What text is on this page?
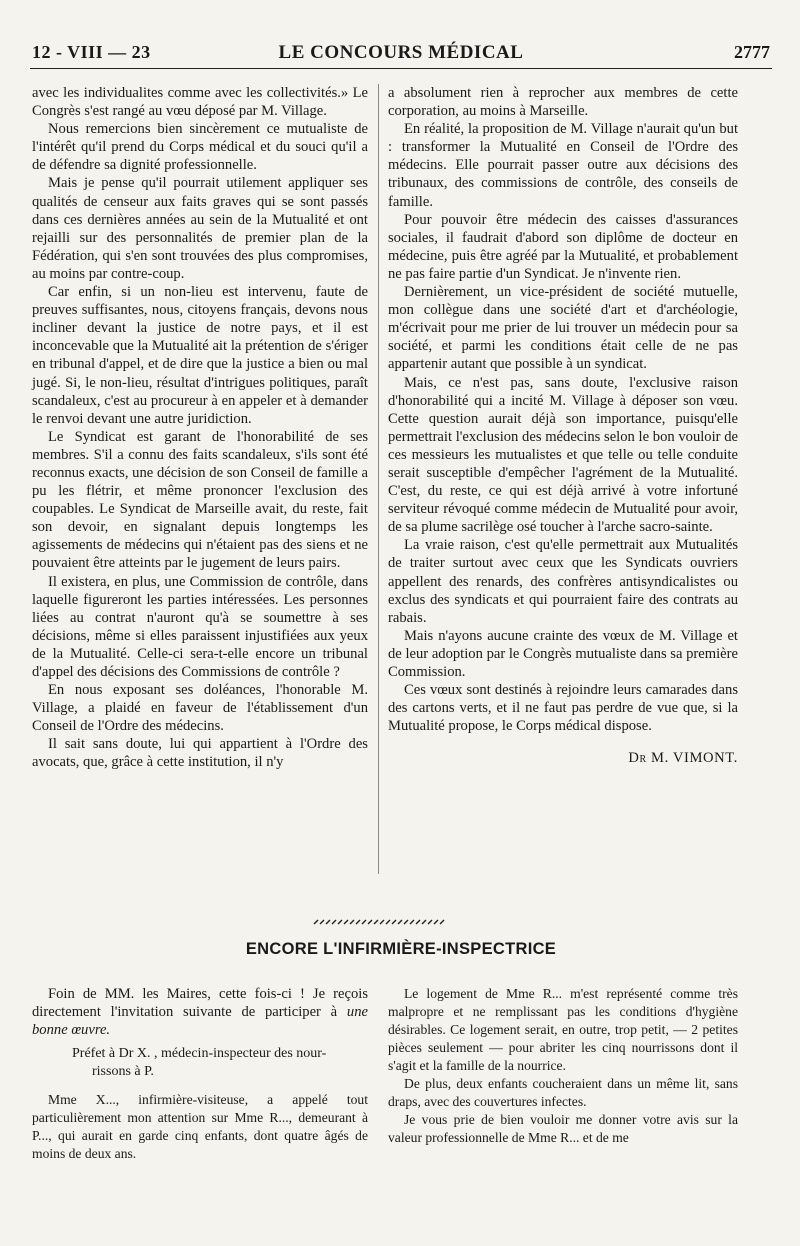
12 - VIII — 23	LE CONCOURS MÉDICAL	2777

avec les individualites comme avec les collectivités.» Le Congrès s'est rangé au vœu déposé par M. Village.

Nous remercions bien sincèrement ce mutualiste de l'intérêt qu'il prend du Corps médical et du souci qu'il a de défendre sa dignité professionnelle.

Mais je pense qu'il pourrait utilement appliquer ses qualités de censeur aux faits graves qui se sont passés dans ces dernières années au sein de la Mutualité et ont rejailli sur des personnalités de premier plan de la Fédération, qui s'en sont trouvées des plus compromises, au moins par contre-coup.

Car enfin, si un non-lieu est intervenu, faute de preuves suffisantes, nous, citoyens français, devons nous incliner devant la justice de notre pays, et il est inconcevable que la Mutualité ait la prétention de s'ériger en tribunal d'appel, et de dire que la justice a bien ou mal jugé. Si, le non-lieu, résultat d'intrigues politiques, paraît scandaleux, c'est au procureur à en appeler et à demander le renvoi devant une autre juridiction.

Le Syndicat est garant de l'honorabilité de ses membres. S'il a connu des faits scandaleux, s'ils sont été reconnus exacts, une décision de son Conseil de famille a pu les flétrir, et même prononcer l'exclusion des coupables. Le Syndicat de Marseille avait, du reste, fait son devoir, en signalant depuis longtemps les agissements de médecins qui n'étaient pas des siens et ne pouvaient être atteints par le jugement de leurs pairs.

Il existera, en plus, une Commission de contrôle, dans laquelle figureront les parties intéressées. Les personnes liées au contrat n'auront qu'à se soumettre à ses décisions, même si elles paraissent injustifiées aux yeux de la Mutualité. Celle-ci sera-t-elle encore un tribunal d'appel des décisions des Commissions de contrôle ?

En nous exposant ses doléances, l'honorable M. Village, a plaidé en faveur de l'établissement d'un Conseil de l'Ordre des médecins.

Il sait sans doute, lui qui appartient à l'Ordre des avocats, que, grâce à cette institution, il n'y

a absolument rien à reprocher aux membres de cette corporation, au moins à Marseille.

En réalité, la proposition de M. Village n'aurait qu'un but : transformer la Mutualité en Conseil de l'Ordre des médecins. Elle pourrait passer outre aux décisions des tribunaux, des commissions de contrôle, des conseils de famille.

Pour pouvoir être médecin des caisses d'assurances sociales, il faudrait d'abord son diplôme de docteur en médecine, puis être agréé par la Mutualité, et probablement ne pas faire partie d'un Syndicat. Je n'invente rien.

Dernièrement, un vice-président de société mutuelle, mon collègue dans une société d'art et d'archéologie, m'écrivait pour me prier de lui trouver un médecin pour sa société, et parmi les conditions était celle de ne pas appartenir autant que possible à un syndicat.

Mais, ce n'est pas, sans doute, l'exclusive raison d'honorabilité qui a incité M. Village à déposer son vœu. Cette question aurait déjà son importance, puisqu'elle permettrait l'exclusion des médecins selon le bon vouloir de ces messieurs les mutualistes et que telle ou telle conduite serait susceptible d'empêcher l'agrément de la Mutualité. C'est, du reste, ce qui est déjà arrivé à votre infortuné serviteur révoqué comme médecin de Mutualité pour avoir, de sa plume sacrilège osé toucher à l'arche sacro-sainte.

La vraie raison, c'est qu'elle permettrait aux Mutualités de traiter surtout avec ceux que les Syndicats ouvriers appellent des renards, des confrères antisyndicalistes ou exclus des syndicats et qui pourraient faire des contrats au rabais.

Mais n'ayons aucune crainte des vœux de M. Village et de leur adoption par le Congrès mutualiste dans sa première Commission.

Ces vœux sont destinés à rejoindre leurs camarades dans des cartons verts, et il ne faut pas perdre de vue que, si la Mutualité propose, le Corps médical dispose.

Dr M. VIMONT.
ENCORE L'INFIRMIÈRE-INSPECTRICE

Foin de MM. les Maires, cette fois-ci ! Je reçois directement l'invitation suivante de participer à une bonne œuvre.

Préfet à Dr X. , médecin-inspecteur des nour-
rissons à P.

Mme X..., infirmière-visiteuse, a appelé tout particulièrement mon attention sur Mme R..., demeurant à P..., qui aurait en garde cinq enfants, dont quatre âgés de moins de deux ans.

Le logement de Mme R... m'est représenté comme très malpropre et ne remplissant pas les conditions d'hygiène désirables. Ce logement serait, en outre, trop petit, — 2 petites pièces seulement — pour abriter les cinq nourrissons dont il s'agit et la famille de la nourrice.

De plus, deux enfants coucheraient dans un même lit, sans draps, avec des couvertures infectes.

Je vous prie de bien vouloir me donner votre avis sur la valeur professionnelle de Mme R... et de me
